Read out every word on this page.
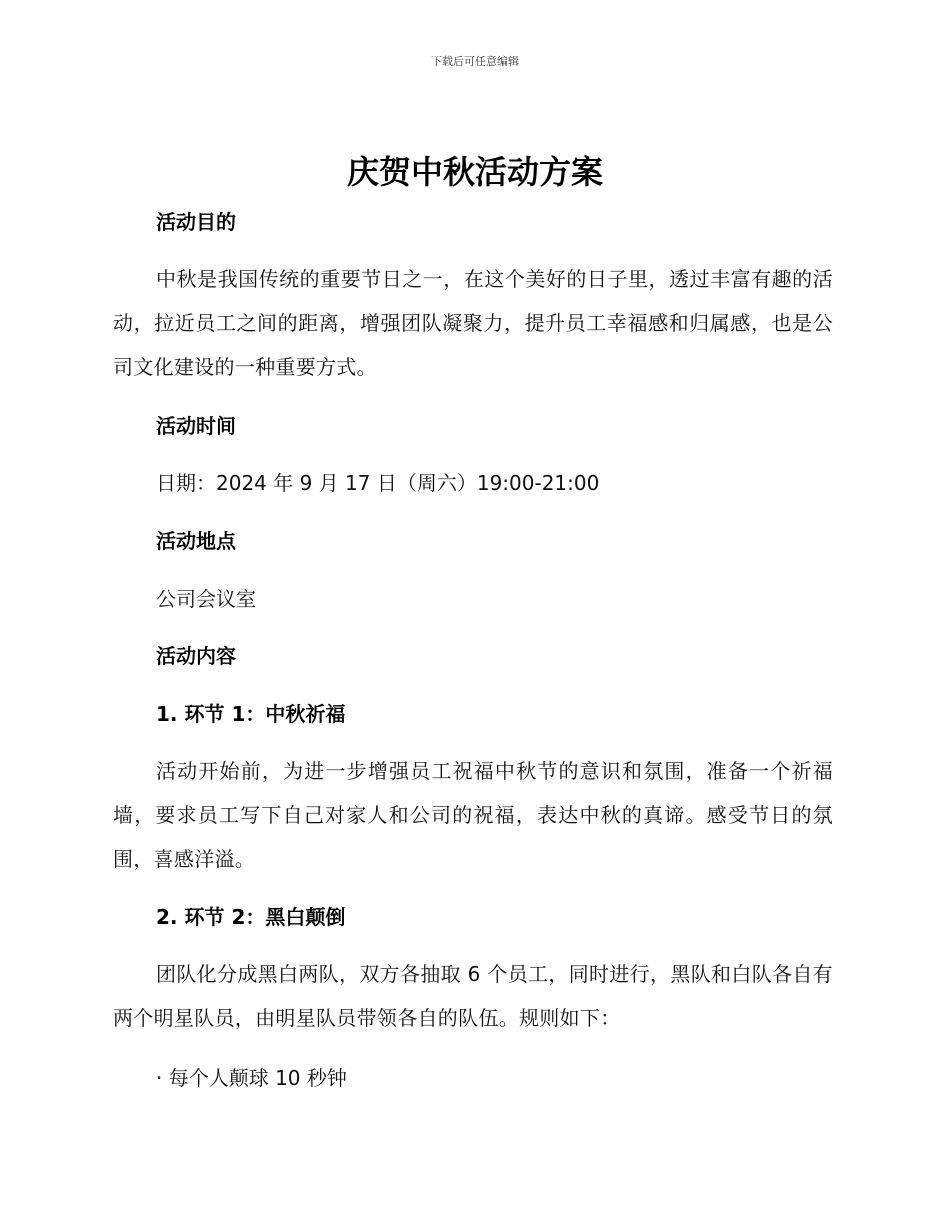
下载后可任意编辑
庆贺中秋活动方案
活动目的

中秋是我国传统的重要节日之一，在这个美好的日子里，透过丰富有趣的活动，拉近员工之间的距离，增强团队凝聚力，提升员工幸福感和归属感，也是公司文化建设的一种重要方式。

活动时间
日期：2024 年 9 月 17 日（周六）19:00-21:00
活动地点
公司会议室
活动内容
1. 环节 1：中秋祈福

活动开始前，为进一步增强员工祝福中秋节的意识和氛围，准备一个祈福墙，要求员工写下自己对家人和公司的祝福，表达中秋的真谛。感受节日的氛围，喜感洋溢。

2. 环节 2：黑白颠倒

团队化分成黑白两队，双方各抽取 6 个员工，同时进行，黑队和白队各自有两个明星队员，由明星队员带领各自的队伍。规则如下：

· 每个人颠球 10 秒钟
